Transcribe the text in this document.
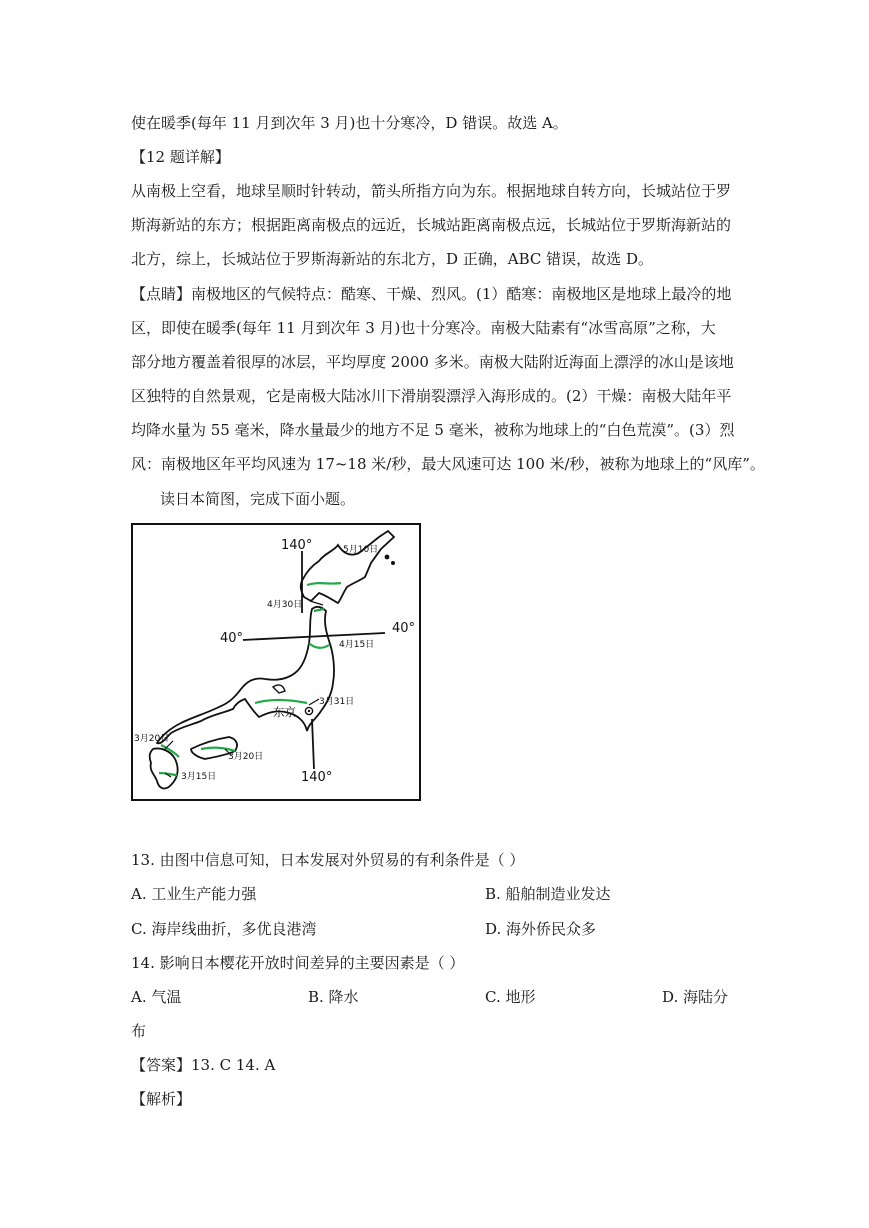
使在暖季(每年 11 月到次年 3 月)也十分寒冷，D 错误。故选 A。
【12 题详解】
从南极上空看，地球呈顺时针转动，箭头所指方向为东。根据地球自转方向，长城站位于罗
斯海新站的东方；根据距离南极点的远近，长城站距离南极点远，长城站位于罗斯海新站的
北方，综上，长城站位于罗斯海新站的东北方，D 正确，ABC 错误，故选 D。
【点睛】南极地区的气候特点：酷寒、干燥、烈风。(1）酷寒：南极地区是地球上最冷的地
区，即使在暖季(每年 11 月到次年 3 月)也十分寒冷。南极大陆素有“冰雪高原”之称，大
部分地方覆盖着很厚的冰层，平均厚度 2000 多米。南极大陆附近海面上漂浮的冰山是该地
区独特的自然景观，它是南极大陆冰川下滑崩裂漂浮入海形成的。(2）干燥：南极大陆年平
均降水量为 55 毫米，降水量最少的地方不足 5 毫米，被称为地球上的“白色荒漠”。(3）烈
风：南极地区年平均风速为 17~18 米/秒，最大风速可达 100 米/秒，被称为地球上的“风库”。
读日本简图，完成下面小题。
140°
140°
40°
40°
东京
5月10日
4月30日
4月15日
3月31日
3月20日
3月20日
3月15日
13. 由图中信息可知，日本发展对外贸易的有利条件是（ ）
A. 工业生产能力强	B. 船舶制造业发达
C. 海岸线曲折，多优良港湾	D. 海外侨民众多
14. 影响日本樱花开放时间差异的主要因素是（ ）
A. 气温	B. 降水	C. 地形	D. 海陆分
布
【答案】13. C 14. A
【解析】
